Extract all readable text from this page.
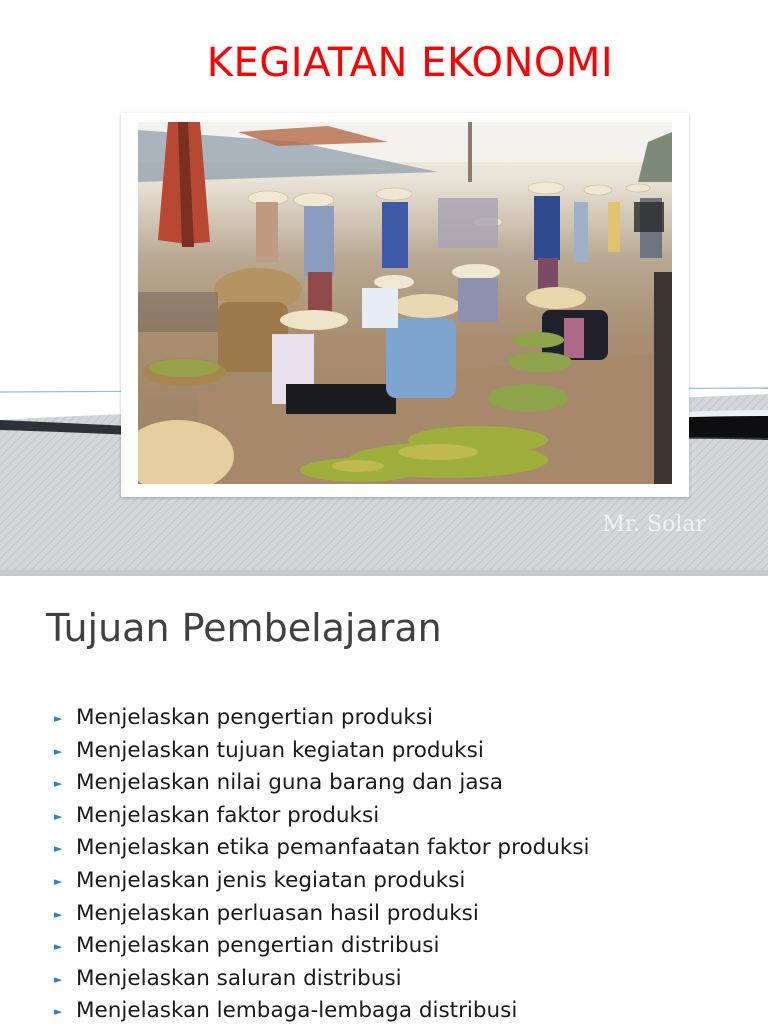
KEGIATAN EKONOMI
Mr. Solar
Tujuan Pembelajaran
► Menjelaskan pengertian produksi
► Menjelaskan tujuan kegiatan produksi
► Menjelaskan nilai guna barang dan jasa
► Menjelaskan faktor produksi
► Menjelaskan etika pemanfaatan faktor produksi
► Menjelaskan jenis kegiatan produksi
► Menjelaskan perluasan hasil produksi
► Menjelaskan pengertian distribusi
► Menjelaskan saluran distribusi
► Menjelaskan lembaga-lembaga distribusi
